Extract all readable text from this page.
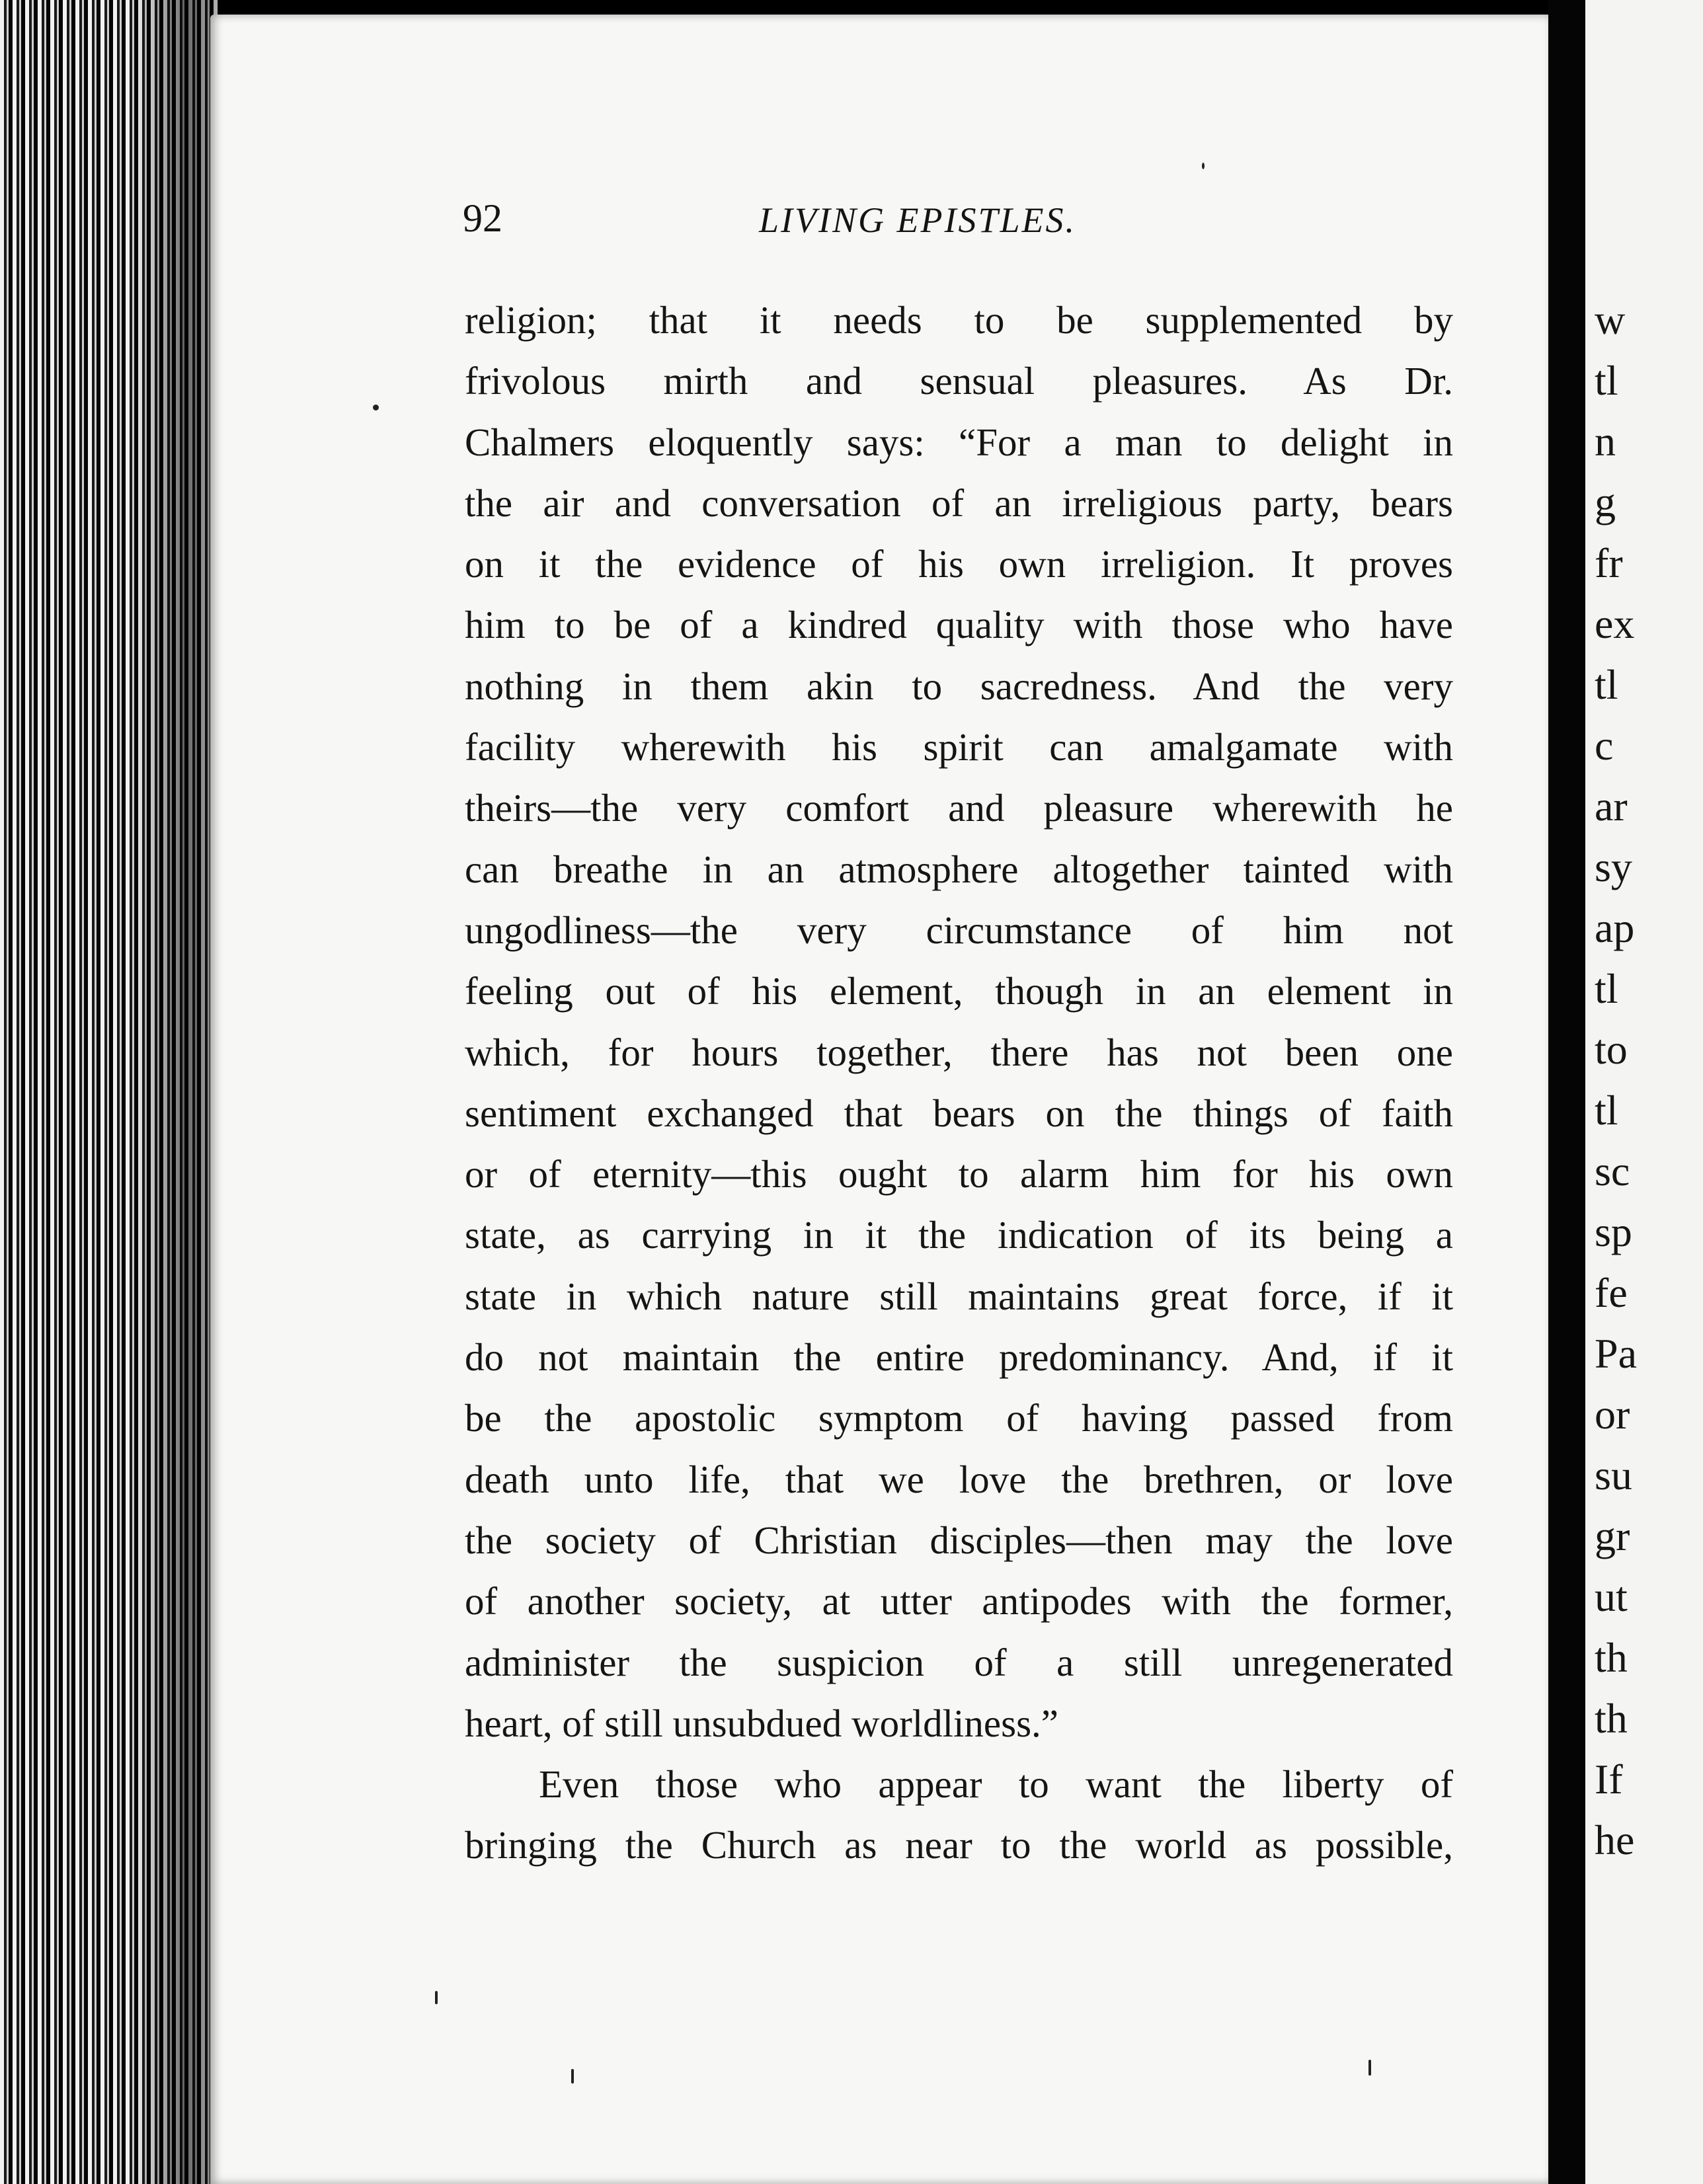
92	LIVING EPISTLES.
religion; that it needs to be supplemented by
frivolous mirth and sensual pleasures. As Dr.
Chalmers eloquently says: “For a man to delight in
the air and conversation of an irreligious party, bears
on it the evidence of his own irreligion. It proves
him to be of a kindred quality with those who have
nothing in them akin to sacredness. And the very
facility wherewith his spirit can amalgamate with
theirs—the very comfort and pleasure wherewith he
can breathe in an atmosphere altogether tainted with
ungodliness—the very circumstance of him not
feeling out of his element, though in an element in
which, for hours together, there has not been one
sentiment exchanged that bears on the things of faith
or of eternity—this ought to alarm him for his own
state, as carrying in it the indication of its being a
state in which nature still maintains great force, if it
do not maintain the entire predominancy. And, if it
be the apostolic symptom of having passed from
death unto life, that we love the brethren, or love
the society of Christian disciples—then may the love
of another society, at utter antipodes with the former,
administer the suspicion of a still unregenerated
heart, of still unsubdued worldliness.”
Even those who appear to want the liberty of
bringing the Church as near to the world as possible,
w
tl
n
g
fr
ex
tl
c
ar
sy
ap
tl
to
tl
sc
sp
fe
Pa
or
su
gr
ut
th
th
If
he
